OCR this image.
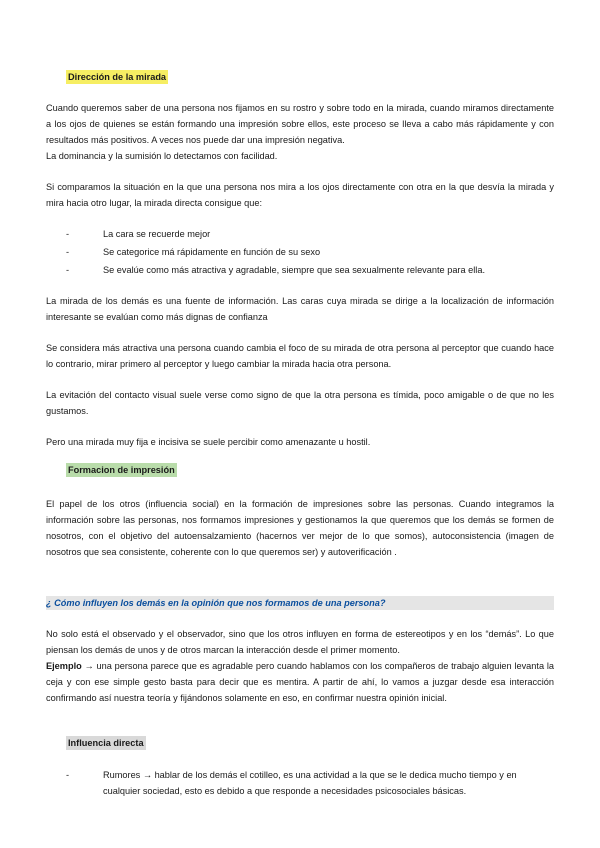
Dirección de la mirada

Cuando queremos saber de una persona nos fijamos en su rostro y sobre todo en la mirada, cuando miramos directamente a los ojos de quienes se están formando una impresión sobre ellos, este proceso se lleva a cabo más rápidamente y con resultados más positivos. A veces nos puede dar una impresión negativa.

La dominancia y la sumisión lo detectamos con facilidad.

Si comparamos la situación en la que una persona nos mira a los ojos directamente con otra en la que desvía la mirada y mira hacia otro lugar, la mirada directa consigue que:

-	La cara se recuerde mejor
-	Se categorice má rápidamente en función de su sexo
-	Se evalúe como más atractiva y agradable, siempre que sea sexualmente relevante para ella.

La mirada de los demás es una fuente de información. Las caras cuya mirada se dirige a la localización de información interesante se evalúan como más dignas de confianza

Se considera más atractiva una persona cuando cambia el foco de su mirada de otra persona al perceptor que cuando hace lo contrario, mirar primero al perceptor y luego cambiar la mirada hacia otra persona.

La evitación del contacto visual suele verse como signo de que la otra persona es tímida, poco amigable o de que no les gustamos.

Pero una mirada muy fija e incisiva se suele percibir como amenazante u hostil.

Formacion de impresión

El papel de los otros (influencia social) en la formación de impresiones sobre las personas. Cuando integramos la información sobre las personas, nos formamos impresiones y gestionamos la que queremos que los demás se formen de nosotros, con el objetivo del autoensalzamiento (hacernos ver mejor de lo que somos), autoconsistencia (imagen de nosotros que sea consistente, coherente con lo que queremos ser) y autoverificación .

¿ Cómo influyen los demás en la opinión que nos formamos de una persona?

No solo está el observado y el observador, sino que los otros influyen en forma de estereotipos y en los “demás”. Lo que piensan los demás de unos y de otros marcan la interacción desde el primer momento.

Ejemplo → una persona parece que es agradable pero cuando hablamos con los compañeros de trabajo alguien levanta la ceja y con ese simple gesto basta para decir que es mentira. A partir de ahí, lo vamos a juzgar desde esa interacción confirmando así nuestra teoría y fijándonos solamente en eso, en confirmar nuestra opinión inicial.

Influencia directa
-	Rumores → hablar de los demás el cotilleo, es una actividad a la que se le dedica mucho tiempo y en cualquier sociedad, esto es debido a que responde a necesidades psicosociales básicas.
